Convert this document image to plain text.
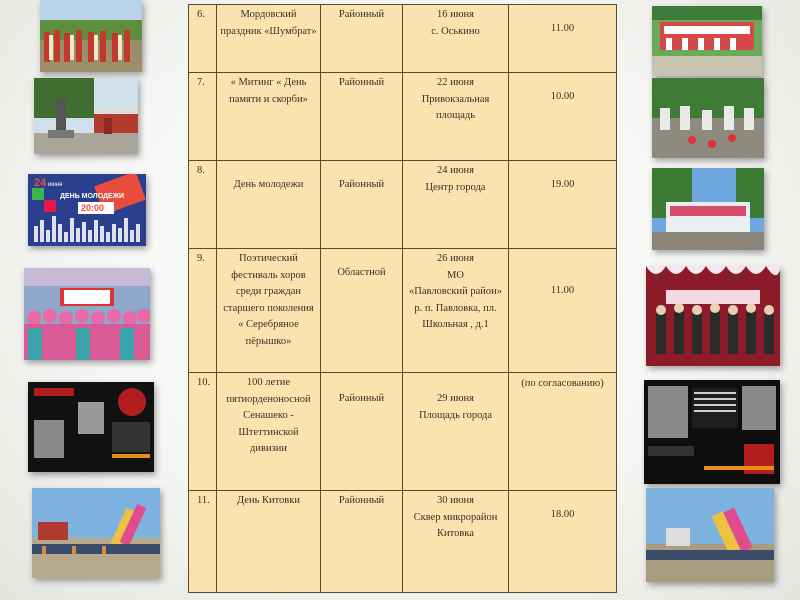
24 июня
ДЕНЬ МОЛОДЕЖИ
20:00
6.	Мордовский праздник «Шумбрат»	Районный	16 июня
с. Оськино	11.00
7.	« Митинг « День памяти и скорби»	Районный	22 июня
Привокзальная
площадь	10.00
8.	День молодежи	Районный	24 июня
Центр города	19.00
9.	Поэтический фестиваль хоров среди граждан старшего поколения « Серебряное пёрышко»	Областной	26 июня
МО
«Павловский район»
р. п. Павловка, пл. Школьная , д.1	11.00
10.	100 летие пятиорденоносной Сенашеко - Штеттинской дивизии	Районный	29 июня
Площадь города	(по согласованию)
11.	День Китовки	Районный	30 июня
Сквер микрорайон
Китовка	18.00
